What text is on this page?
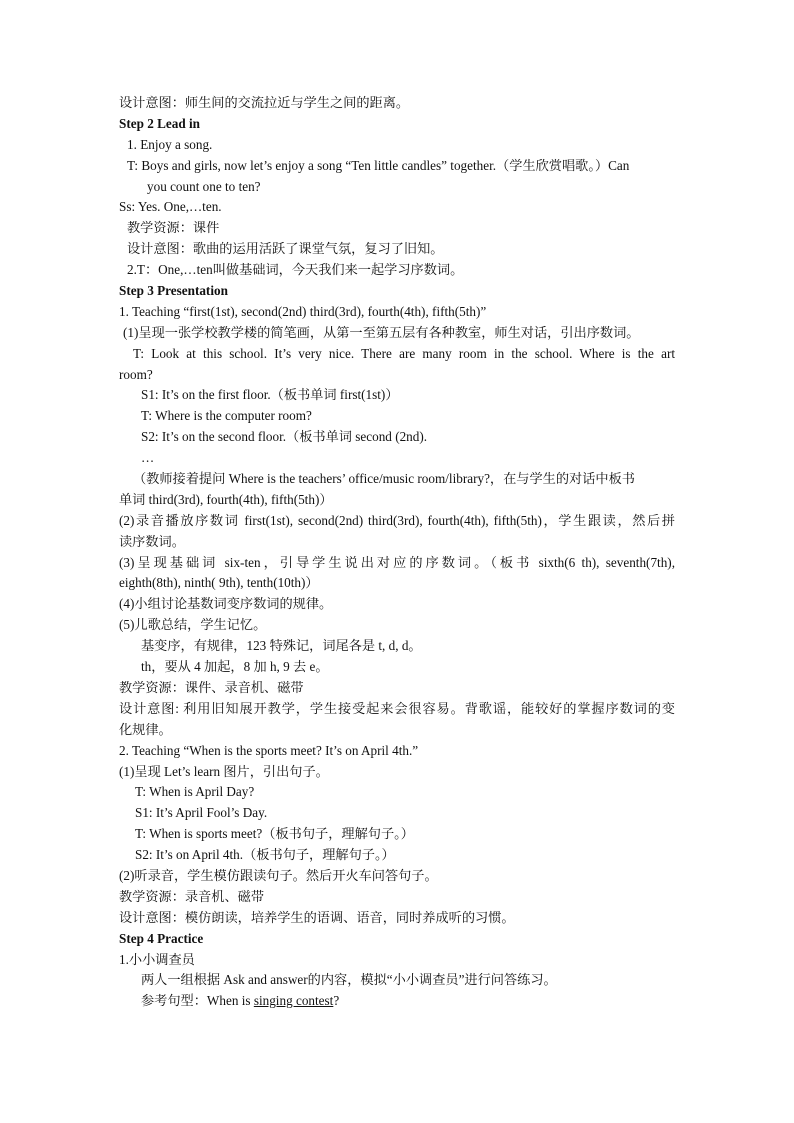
设计意图：师生间的交流拉近与学生之间的距离。
Step 2 Lead in
1. Enjoy a song.
T: Boys and girls, now let’s enjoy a song “Ten little candles” together.（学生欣赏唱歌。）Can
you count one to ten?
Ss: Yes. One,…ten.
教学资源：课件
设计意图：歌曲的运用活跃了课堂气氛，复习了旧知。
2.T：One,…ten叫做基础词，今天我们来一起学习序数词。
Step 3 Presentation
1. Teaching “first(1st), second(2nd) third(3rd), fourth(4th), fifth(5th)”
(1)呈现一张学校教学楼的简笔画，从第一至第五层有各种教室，师生对话，引出序数词。
T: Look at this school. It’s very nice. There are many room in the school. Where is the art
room?
S1: It’s on the first floor.（板书单词 first(1st)）
T: Where is the computer room?
S2: It’s on the second floor.（板书单词 second (2nd).
…
（教师接着提问 Where is the teachers’ office/music room/library?，在与学生的对话中板书
单词 third(3rd), fourth(4th), fifth(5th)）
(2)录音播放序数词 first(1st), second(2nd) third(3rd), fourth(4th), fifth(5th)，学生跟读，然后拼
读序数词。
(3)呈现基础词 six-ten，引导学生说出对应的序数词。（板书 sixth(6 th), seventh(7th),
eighth(8th), ninth( 9th), tenth(10th)）
(4)小组讨论基数词变序数词的规律。
(5)儿歌总结，学生记忆。
基变序，有规律，123 特殊记，词尾各是 t, d, d。
th，要从 4 加起，8 加 h, 9 去 e。
教学资源：课件、录音机、磁带
设计意图: 利用旧知展开教学，学生接受起来会很容易。背歌谣，能较好的掌握序数词的变
化规律。
2. Teaching “When is the sports meet? It’s on April 4th.”
(1)呈现 Let’s learn 图片，引出句子。
T: When is April Day?
S1: It’s April Fool’s Day.
T: When is sports meet?（板书句子，理解句子。）
S2: It’s on April 4th.（板书句子，理解句子。）
(2)听录音，学生模仿跟读句子。然后开火车问答句子。
教学资源：录音机、磁带
设计意图：模仿朗读，培养学生的语调、语音，同时养成听的习惯。
Step 4 Practice
1.小小调查员
两人一组根据 Ask and answer的内容，模拟“小小调查员”进行问答练习。
参考句型：When is singing contest?
